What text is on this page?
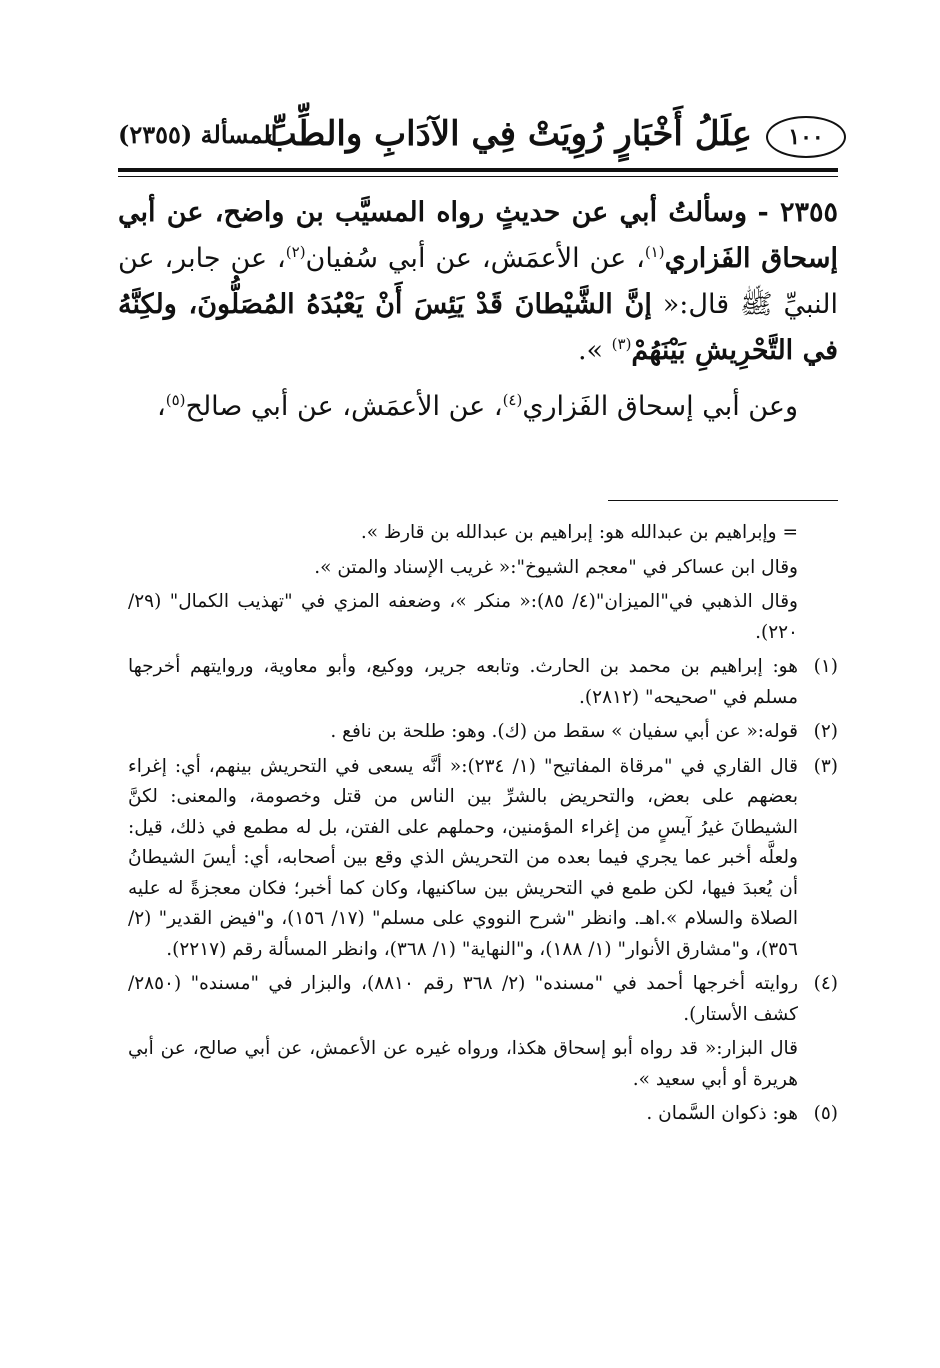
١٠٠
عِلَلُ أَخْبَارٍ رُوِيَتْ فِي الآدَابِ والطِّبِّ
المسألة (٢٣٥٥)

٢٣٥٥ - وسألتُ أبي عن حديثٍ رواه المسيَّب بن واضح، عن أبي إسحاق الفَزاري$^{(١)}$، عن الأعمَش، عن أبي سُفيان$^{(٢)}$، عن جابر، عن النبيِّ ﷺ قال:« إنَّ الشَّيْطانَ قَدْ يَئِسَ أَنْ يَعْبُدَهُ المُصَلُّونَ، ولكِنَّهُ في التَّحْرِيشِ بَيْنَهُمْ$^{(٣)}$ ».

وعن أبي إسحاق الفَزاري$^{(٤)}$، عن الأعمَش، عن أبي صالح$^{(٥)}$،

= وإبراهيم بن عبدالله هو: إبراهيم بن عبدالله بن قارظ ».

وقال ابن عساكر في "معجم الشيوخ":« غريب الإسناد والمتن ».

وقال الذهبي في"الميزان"(٤/ ٨٥):« منكر »، وضعفه المزي في "تهذيب الكمال" (٢٩/ ٢٢٠).

(١)

هو: إبراهيم بن محمد بن الحارث. وتابعه جرير، ووكيع، وأبو معاوية، وروايتهم أخرجها مسلم في "صحيحه" (٢٨١٢).

(٢)

قوله:« عن أبي سفيان » سقط من (ك). وهو: طلحة بن نافع .

(٣)

قال القاري في "مرقاة المفاتيح" (١/ ٢٣٤):« أنَّه يسعى في التحريش بينهم، أي: إغراء بعضهم على بعض، والتحريض بالشرِّ بين الناس من قتل وخصومة، والمعنى: لكنَّ الشيطانَ غيرُ آيسٍ من إغراء المؤمنين، وحملهم على الفتن، بل له مطمع في ذلك، قيل: ولعلَّه أخبر عما يجري فيما بعده من التحريش الذي وقع بين أصحابه، أي: أيسَ الشيطانُ أن يُعبدَ فيها، لكن طمع في التحريش بين ساكنيها، وكان كما أخبر؛ فكان معجزةً له عليه الصلاة والسلام ».اهـ. وانظر "شرح النووي على مسلم" (١٧/ ١٥٦)، و"فيض القدير" (٢/ ٣٥٦)، و"مشارق الأنوار" (١/ ١٨٨)، و"النهاية" (١/ ٣٦٨)، وانظر المسألة رقم (٢٢١٧).

(٤)

روايته أخرجها أحمد في "مسنده" (٢/ ٣٦٨ رقم ٨٨١٠)، والبزار في "مسنده" (٢٨٥٠/ كشف الأستار).

قال البزار:« قد رواه أبو إسحاق هكذا، ورواه غيره عن الأعمش، عن أبي صالح، عن أبي هريرة أو أبي سعيد ».

(٥)

هو: ذكوان السَّمان .
